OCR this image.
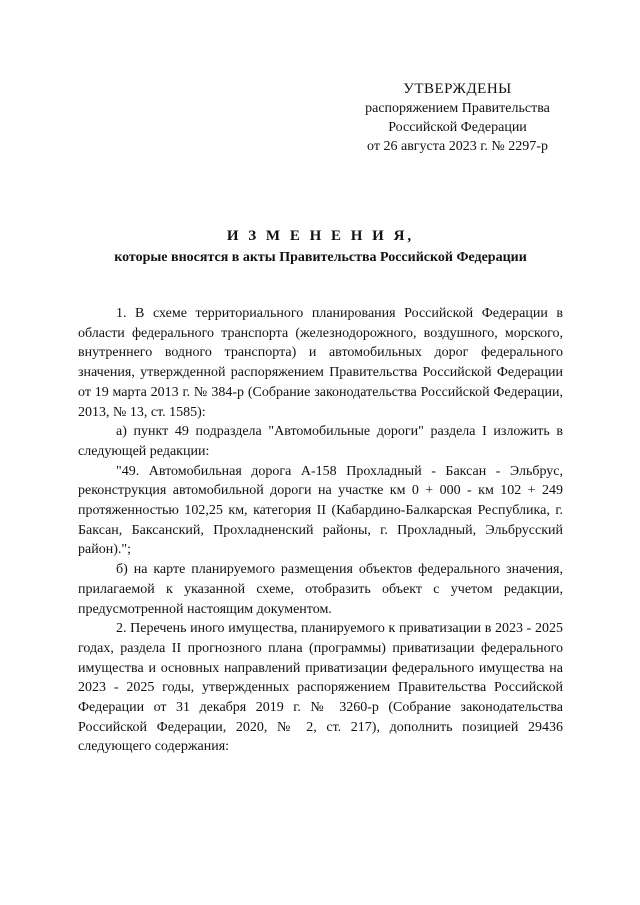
УТВЕРЖДЕНЫ
распоряжением Правительства
Российской Федерации
от 26 августа 2023 г. № 2297-р
И З М Е Н Е Н И Я,
которые вносятся в акты Правительства Российской Федерации

1. В схеме территориального планирования Российской Федерации в области федерального транспорта (железнодорожного, воздушного, морского, внутреннего водного транспорта) и автомобильных дорог федерального значения, утвержденной распоряжением Правительства Российской Федерации от 19 марта 2013 г. № 384-р (Собрание законодательства Российской Федерации, 2013, № 13, ст. 1585):

а) пункт 49 подраздела "Автомобильные дороги" раздела I изложить в следующей редакции:

"49. Автомобильная дорога А-158 Прохладный - Баксан - Эльбрус, реконструкция автомобильной дороги на участке км 0 + 000 - км 102 + 249 протяженностью 102,25 км, категория II (Кабардино-Балкарская Республика, г. Баксан, Баксанский, Прохладненский районы, г. Прохладный, Эльбрусский район).";

б) на карте планируемого размещения объектов федерального значения, прилагаемой к указанной схеме, отобразить объект с учетом редакции, предусмотренной настоящим документом.

2. Перечень иного имущества, планируемого к приватизации в 2023 - 2025 годах, раздела II прогнозного плана (программы) приватизации федерального имущества и основных направлений приватизации федерального имущества на 2023 - 2025 годы, утвержденных распоряжением Правительства Российской Федерации от 31 декабря 2019 г. № 3260-р (Собрание законодательства Российской Федерации, 2020, № 2, ст. 217), дополнить позицией 29436 следующего содержания:
